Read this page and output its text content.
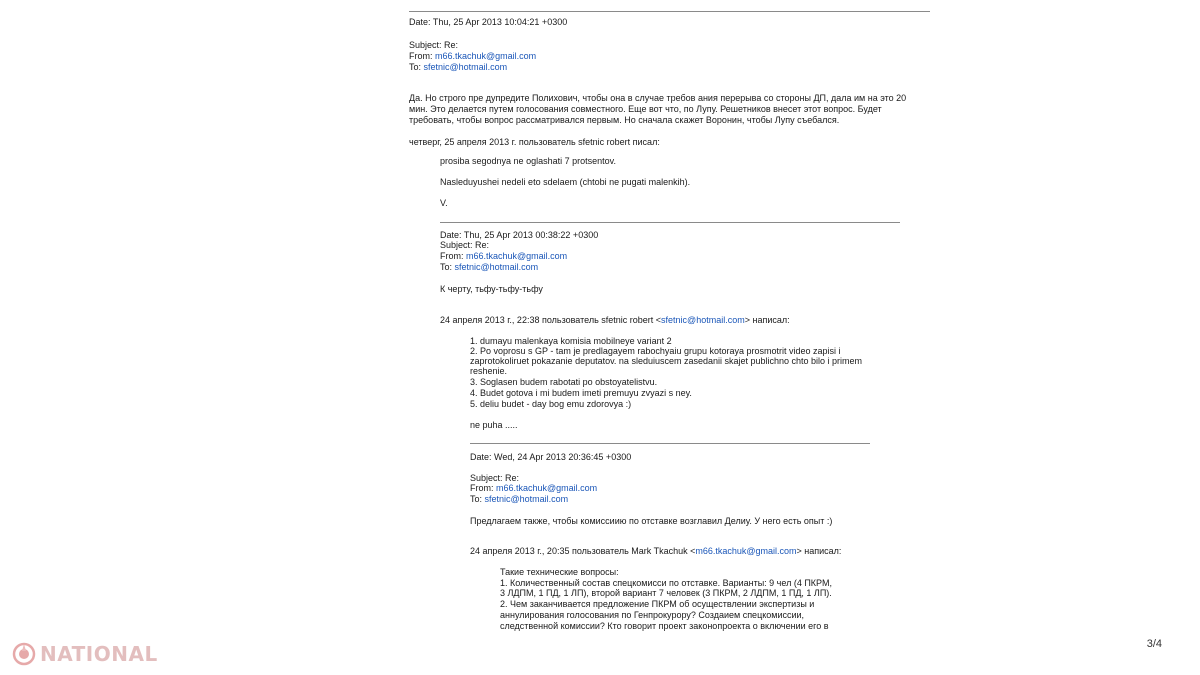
Date: Thu, 25 Apr 2013 10:04:21 +0300
Subject: Re:
From: m66.tkachuk@gmail.com
To: sfetnic@hotmail.com
Да. Но строго пре дупредите Полихович, чтобы она в случае требов ания перерыва со стороны ДП, дала им на это 20
мин. Это делается путем голосования совместного. Еще вот что, по Лупу. Решетников внесет этот вопрос. Будет
требовать, чтобы вопрос рассматривался первым. Но сначала скажет Воронин, чтобы Лупу съебался.
четверг, 25 апреля 2013 г. пользователь sfetnic robert писал:
prosiba segodnya ne oglashati 7 protsentov.
Nasleduyushei nedeli eto sdelaem (chtobi ne pugati malenkih).
V.
Date: Thu, 25 Apr 2013 00:38:22 +0300
Subject: Re:
From: m66.tkachuk@gmail.com
To: sfetnic@hotmail.com
К черту, тьфу-тьфу-тьфу
24 апреля 2013 г., 22:38 пользователь sfetnic robert <sfetnic@hotmail.com> написал:
1. dumayu malenkaya komisia mobilneye variant 2
2. Po voprosu s GP - tam je predlagayem rabochyaiu grupu kotoraya prosmotrit video zapisi i
zaprotokoliruet pokazanie deputatov. na sleduiuscem zasedanii skajet publichno chto bilo i primem
reshenie.
3. Soglasen budem rabotati po obstoyatelistvu.
4. Budet gotova i mi budem imeti premuyu zvyazi s ney.
5. deliu budet - day bog emu zdorovya :)
ne puha .....
Date: Wed, 24 Apr 2013 20:36:45 +0300
Subject: Re:
From: m66.tkachuk@gmail.com
To: sfetnic@hotmail.com
Предлагаем также, чтобы комиссиию по отставке возглавил Делиу. У него есть опыт :)
24 апреля 2013 г., 20:35 пользователь Mark Tkachuk <m66.tkachuk@gmail.com> написал:
Такие технические вопросы:
1. Количественный состав спецкомисси по отставке. Варианты: 9 чел (4 ПКРМ,
3 ЛДПМ, 1 ПД, 1 ЛП), второй вариант 7 человек (3 ПКРМ, 2 ЛДПМ, 1 ПД, 1 ЛП).
2. Чем заканчивается предложение ПКРМ об осуществлении экспертизы и
аннулирования голосования по Генпрокурору? Создаием спецкомиссии,
следственной комиссии? Кто говорит проект законопроекта о включении его в
NATIONAL	3/4
